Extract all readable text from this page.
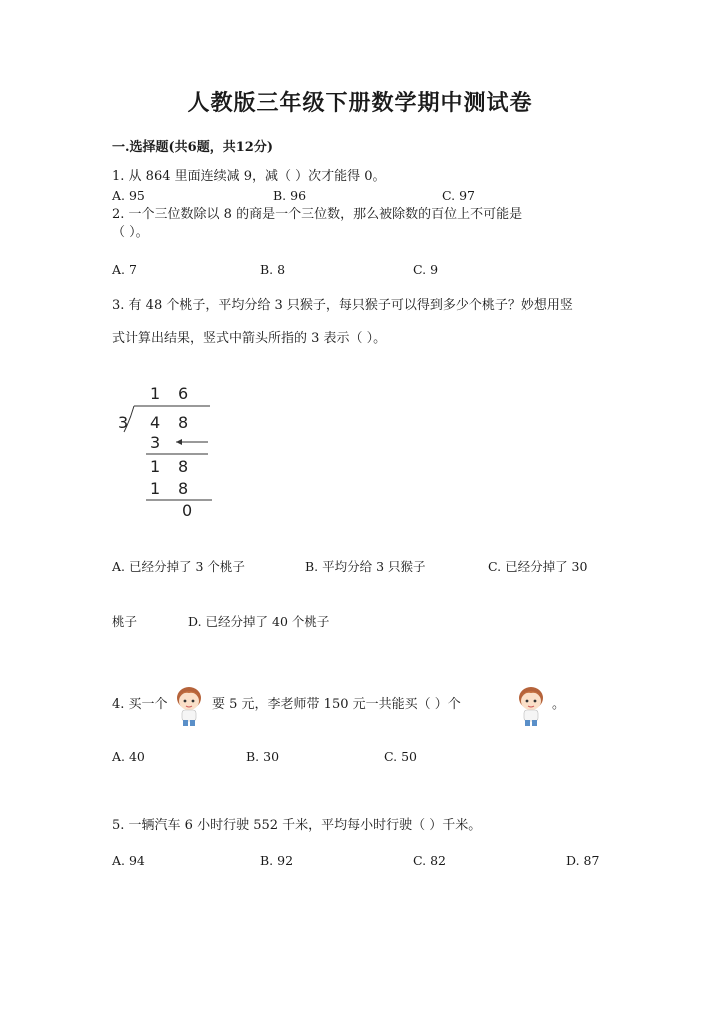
人教版三年级下册数学期中测试卷
一.选择题(共6题，共12分)
1. 从 864 里面连续减 9，减（ ）次才能得 0。
A. 95	B. 96	C. 97
2. 一个三位数除以 8 的商是一个三位数，那么被除数的百位上不可能是
（ ）。
A. 7	B. 8	C. 9
3. 有 48 个桃子，平均分给 3 只猴子，每只猴子可以得到多少个桃子？妙想用竖
式计算出结果，竖式中箭头所指的 3 表示（ ）。
1 6
3 4 8
3
1 8
1 8
0
A. 已经分掉了 3 个桃子	B. 平均分给 3 只猴子	C. 已经分掉了 30
桃子	D. 已经分掉了 40 个桃子
4. 买一个	要 5 元，李老师带 150 元一共能买（ ）个	。
A. 40	B. 30	C. 50
5. 一辆汽车 6 小时行驶 552 千米，平均每小时行驶（ ）千米。
A. 94	B. 92	C. 82	D. 87
